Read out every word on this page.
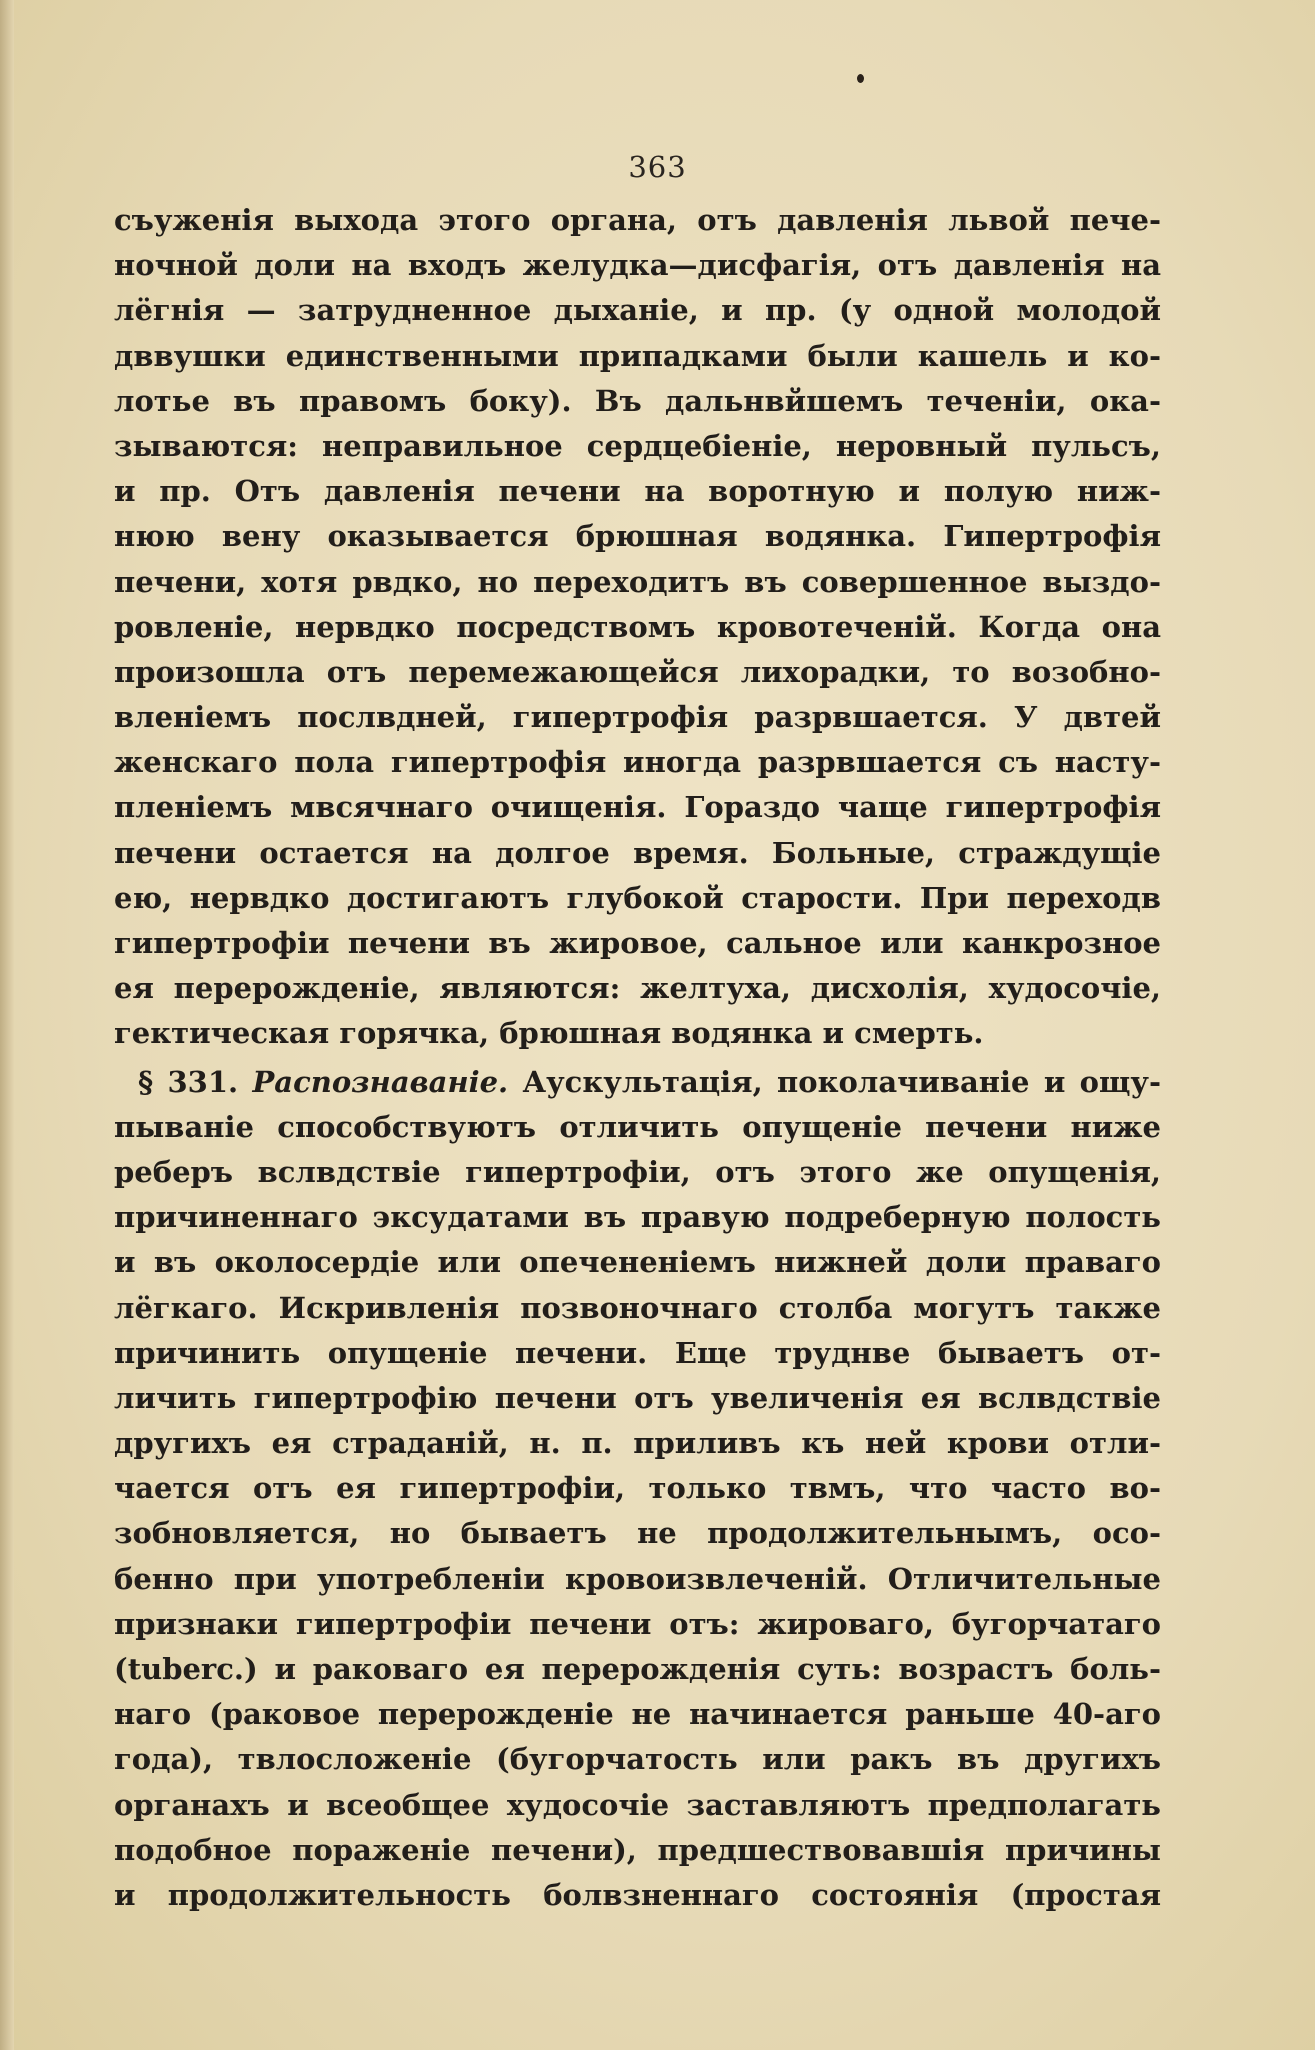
363
съуженія выхода этого органа, отъ давленія львой пече-
ночной доли на входъ желудка—дисфагія, отъ давленія на
лёгнія — затрудненное дыханіе, и пр. (у одной молодой
дввушки единственными припадками были кашель и ко-
лотье въ правомъ боку). Въ дальнвйшемъ теченіи, ока-
зываются: неправильное сердцебіеніе, неровный пульсъ,
и пр. Отъ давленія печени на воротную и полую ниж-
нюю вену оказывается брюшная водянка. Гипертрофія
печени, хотя рвдко, но переходитъ въ совершенное выздо-
ровленіе, нервдко посредствомъ кровотеченій. Когда она
произошла отъ перемежающейся лихорадки, то возобно-
вленіемъ послвдней, гипертрофія разрвшается. У двтей
женскаго пола гипертрофія иногда разрвшается съ насту-
пленіемъ мвсячнаго очищенія. Гораздо чаще гипертрофія
печени остается на долгое время. Больные, страждущіе
ею, нервдко достигаютъ глубокой старости. При переходв
гипертрофіи печени въ жировое, сальное или канкрозное
ея перерожденіе, являются: желтуха, дисхолія, худосочіе,
гектическая горячка, брюшная водянка и смерть.
§ 331. Распознаваніе. Аускультація, поколачиваніе и ощу-
пываніе способствуютъ отличить опущеніе печени ниже
реберъ вслвдствіе гипертрофіи, отъ этого же опущенія,
причиненнаго эксудатами въ правую подреберную полость
и въ околосердіе или опечененіемъ нижней доли праваго
лёгкаго. Искривленія позвоночнаго столба могутъ также
причинить опущеніе печени. Еще труднве бываетъ от-
личить гипертрофію печени отъ увеличенія ея вслвдствіе
другихъ ея страданій, н. п. приливъ къ ней крови отли-
чается отъ ея гипертрофіи, только твмъ, что часто во-
зобновляется, но бываетъ не продолжительнымъ, осо-
бенно при употребленіи кровоизвлеченій. Отличительные
признаки гипертрофіи печени отъ: жироваго, бугорчатаго
(tuberc.) и раковаго ея перерожденія суть: возрастъ боль-
наго (раковое перерожденіе не начинается раньше 40-аго
года), твлосложеніе (бугорчатость или ракъ въ другихъ
органахъ и всеобщее худосочіе заставляютъ предполагать
подобное пораженіе печени), предшествовавшія причины
и продолжительность болвзненнаго состоянія (простая
